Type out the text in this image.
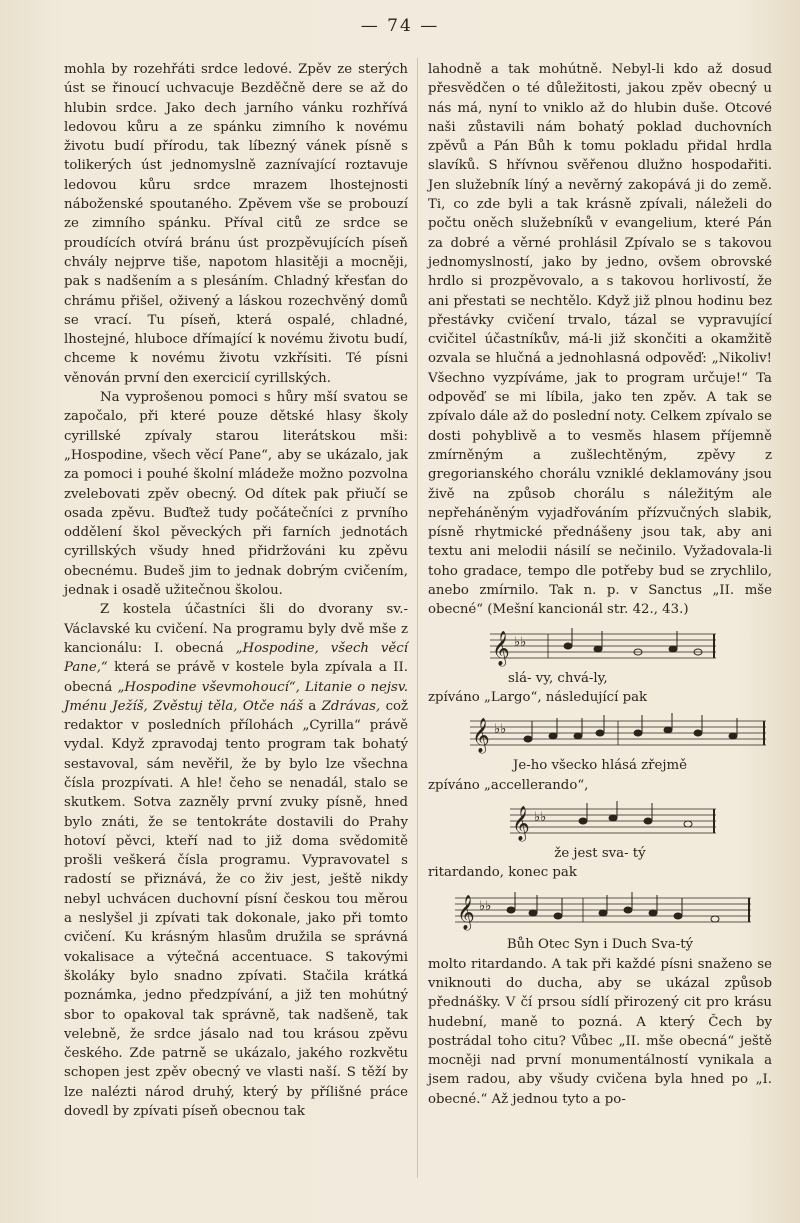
— 74 —

mohla by rozehřáti srdce ledové. Zpěv ze sterých úst se řinoucí uchvacuje Bezděčně dere se až do hlubin srdce. Jako dech jarního vánku rozhřívá ledovou kůru a ze spánku zimního k novému životu budí přírodu, tak líbezný vánek písně s tolikerých úst jednomyslně zaznívající roztavuje ledovou kůru srdce mrazem lhostejnosti náboženské spoutaného. Zpěvem vše se probouzí ze zimního spánku. Příval citů ze srdce se proudících otvírá bránu úst prozpěvujících píseň chvály nejprve tiše, napotom hlasitěji a mocněji, pak s nadšením a s plesáním. Chladný křesťan do chrámu přišel, oživený a láskou rozechvěný domů se vrací. Tu píseň, která ospalé, chladné, lhostejné, hluboce dřímající k novému životu budí, chceme k novému životu vzkřísiti. Té písni věnován první den exercicií cyrillských.

Na vyprošenou pomoci s hůry mší svatou se započalo, při které pouze dětské hlasy školy cyrillské zpívaly starou literátskou mši: „Hospodine, všech věcí Pane“, aby se ukázalo, jak za pomoci i pouhé školní mládeže možno pozvolna zvelebovati zpěv obecný. Od dítek pak přiučí se osada zpěvu. Buďtež tudy počátečníci z prvního oddělení škol pěveckých při farních jednotách cyrillských všudy hned přidržováni ku zpěvu obecnému. Budeš jim to jednak dobrým cvičením, jednak i osadě užitečnou školou.

Z kostela účastníci šli do dvorany sv.-Václavské ku cvičení. Na programu byly dvě mše z kancionálu: I. obecná „Hospodine, všech věcí Pane,“ která se právě v kostele byla zpívala a II. obecná „Hospodine vševmohoucí“, Litanie o nejsv. Jménu Ježíš, Zvěstuj těla, Otče náš a Zdrávas, což redaktor v posledních přílohách „Cyrilla“ právě vydal. Když zpravodaj tento program tak bohatý sestavoval, sám nevěřil, že by bylo lze všechna čísla prozpívati. A hle! čeho se nenadál, stalo se skutkem. Sotva zazněly první zvuky písně, hned bylo znáti, že se tentokráte dostavili do Prahy hotoví pěvci, kteří nad to již doma svědomitě prošli veškerá čísla programu. Vypravovatel s radostí se přiznává, že co živ jest, ještě nikdy nebyl uchvácen duchovní písní českou tou měrou a neslyšel ji zpívati tak dokonale, jako při tomto cvičení. Ku krásným hlasům družila se správná vokalisace a výtečná accentuace. S takovými školáky bylo snadno zpívati. Stačila krátká poznámka, jedno předzpívání, a již ten mohútný sbor to opakoval tak správně, tak nadšeně, tak velebně, že srdce jásalo nad tou krásou zpěvu českého. Zde patrně se ukázalo, jakého rozkvětu schopen jest zpěv obecný ve vlasti naší. S těží by lze nalézti národ druhý, který by přílišné práce dovedl by zpívati píseň obecnou tak

lahodně a tak mohútně. Nebyl-li kdo až dosud přesvědčen o té důležitosti, jakou zpěv obecný u nás má, nyní to vniklo až do hlubin duše. Otcové naši zůstavili nám bohatý poklad duchovních zpěvů a Pán Bůh k tomu pokladu přidal hrdla slavíků. S hřívnou svěřenou dlužno hospodařiti. Jen služebník líný a nevěrný zakopává ji do země. Ti, co zde byli a tak krásně zpívali, náleželi do počtu oněch služebníků v evangelium, které Pán za dobré a věrné prohlásil Zpívalo se s takovou jednomyslností, jako by jedno, ovšem obrovské hrdlo si prozpěvovalo, a s takovou horlivostí, že ani přestati se nechtělo. Když již plnou hodinu bez přestávky cvičení trvalo, tázal se vypravující cvičitel účastníkův, má-li již skončiti a okamžitě ozvala se hlučná a jednohlasná odpověď: „Nikoliv! Všechno vyzpíváme, jak to program určuje!“ Ta odpověď se mi líbila, jako ten zpěv. A tak se zpívalo dále až do poslední noty. Celkem zpívalo se dosti pohyblivě a to vesměs hlasem příjemně zmírněným a zušlechtěným, zpěvy z gregorianského chorálu vzniklé deklamovány jsou živě na způsob chorálu s náležitým ale nepřeháněným vyjadřováním přízvučných slabik, písně rhytmické přednášeny jsou tak, aby ani textu ani melodii násilí se nečinilo. Vyžadovala-li toho gradace, tempo dle potřeby bud se zrychlilo, anebo zmírnilo. Tak n. p. v Sanctus „II. mše obecné“ (Mešní kancionál str. 42., 43.)

𝄞 ♭♭

slá- vy, chvá-ly,

zpíváno „Largo“, následující pak

𝄞 ♭♭

Je-ho všecko hlásá zřejmě

zpíváno „accellerando“,

𝄞 ♭♭

že jest sva- tý

ritardando, konec pak

𝄞 ♭♭

Bůh Otec Syn i Duch Sva-tý

molto ritardando. A tak při každé písni snaženo se vniknouti do ducha, aby se ukázal způsob přednášky. V čí prsou sídlí přirozený cit pro krásu hudební, maně to pozná. A který Čech by postrádal toho citu? Vůbec „II. mše obecná“ ještě mocněji nad první monumentálností vynikala a jsem radou, aby všudy cvičena byla hned po „I. obecné.“ Až jednou tyto a po-
